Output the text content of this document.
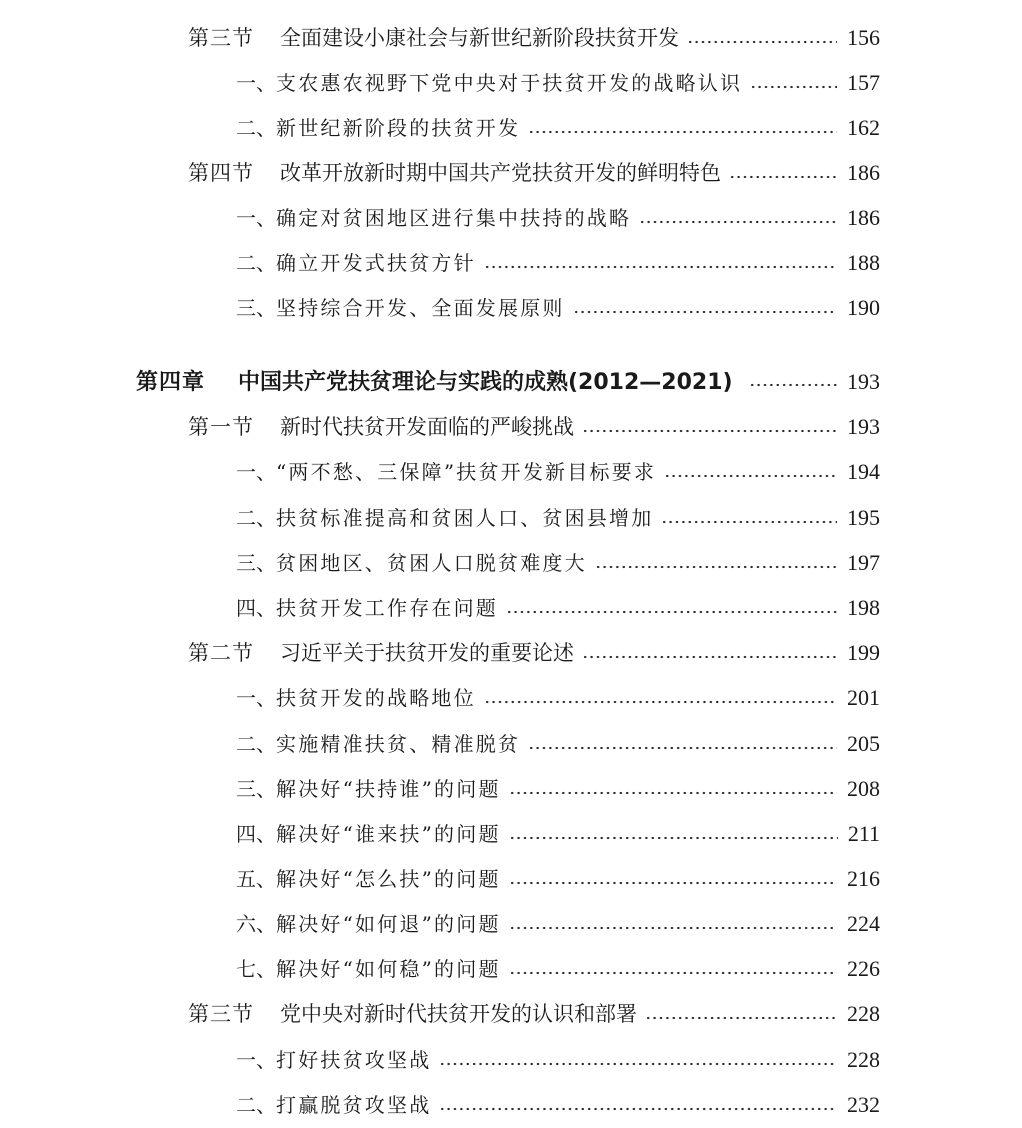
第三节	全面建设小康社会与新世纪新阶段扶贫开发	156
一、 支农惠农视野下党中央对于扶贫开发的战略认识	157
二、 新世纪新阶段的扶贫开发	162
第四节	改革开放新时期中国共产党扶贫开发的鲜明特色	186
一、 确定对贫困地区进行集中扶持的战略	186
二、 确立开发式扶贫方针	188
三、 坚持综合开发、全面发展原则	190
第四章	中国共产党扶贫理论与实践的成熟(2012—2021)	193
第一节	新时代扶贫开发面临的严峻挑战	193
一、 “两不愁、三保障”扶贫开发新目标要求	194
二、 扶贫标准提高和贫困人口、贫困县增加	195
三、 贫困地区、贫困人口脱贫难度大	197
四、 扶贫开发工作存在问题	198
第二节	习近平关于扶贫开发的重要论述	199
一、 扶贫开发的战略地位	201
二、 实施精准扶贫、精准脱贫	205
三、 解决好“扶持谁”的问题	208
四、 解决好“谁来扶”的问题	211
五、 解决好“怎么扶”的问题	216
六、 解决好“如何退”的问题	224
七、 解决好“如何稳”的问题	226
第三节	党中央对新时代扶贫开发的认识和部署	228
一、 打好扶贫攻坚战	228
二、 打赢脱贫攻坚战	232
